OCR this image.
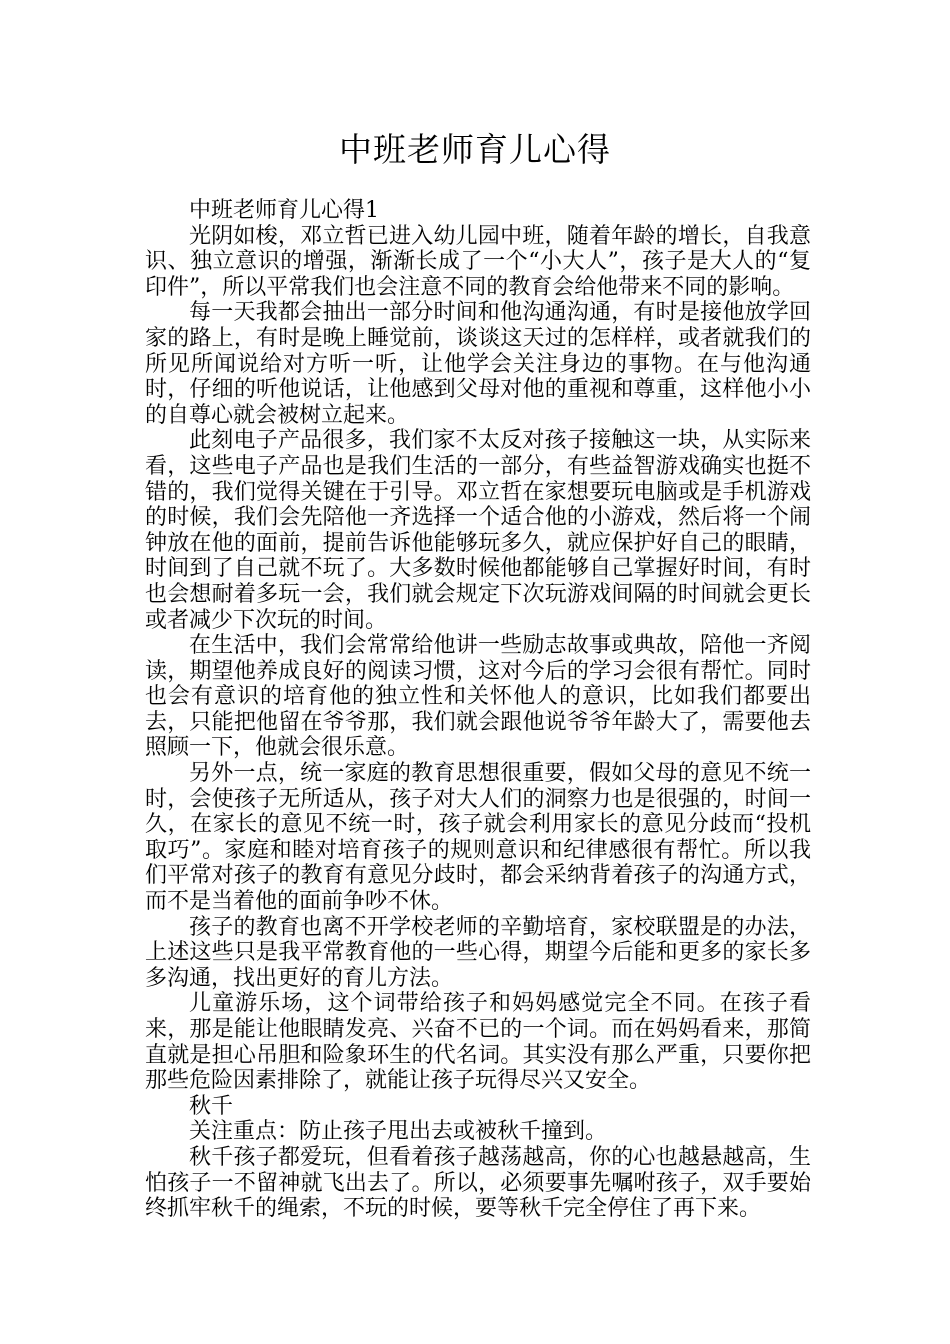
中班老师育儿心得

中班老师育儿心得1

光阴如梭，邓立哲已进入幼儿园中班，随着年龄的增长，自我意识、独立意识的增强，渐渐长成了一个“小大人”，孩子是大人的“复印件”，所以平常我们也会注意不同的教育会给他带来不同的影响。

每一天我都会抽出一部分时间和他沟通沟通，有时是接他放学回家的路上，有时是晚上睡觉前，谈谈这天过的怎样样，或者就我们的所见所闻说给对方听一听，让他学会关注身边的事物。在与他沟通时，仔细的听他说话，让他感到父母对他的重视和尊重，这样他小小的自尊心就会被树立起来。

此刻电子产品很多，我们家不太反对孩子接触这一块，从实际来看，这些电子产品也是我们生活的一部分，有些益智游戏确实也挺不错的，我们觉得关键在于引导。邓立哲在家想要玩电脑或是手机游戏的时候，我们会先陪他一齐选择一个适合他的小游戏，然后将一个闹钟放在他的面前，提前告诉他能够玩多久，就应保护好自己的眼睛，时间到了自己就不玩了。大多数时候他都能够自己掌握好时间，有时也会想耐着多玩一会，我们就会规定下次玩游戏间隔的时间就会更长或者减少下次玩的时间。

在生活中，我们会常常给他讲一些励志故事或典故，陪他一齐阅读，期望他养成良好的阅读习惯，这对今后的学习会很有帮忙。同时也会有意识的培育他的独立性和关怀他人的意识，比如我们都要出去，只能把他留在爷爷那，我们就会跟他说爷爷年龄大了，需要他去照顾一下，他就会很乐意。

另外一点，统一家庭的教育思想很重要，假如父母的意见不统一时，会使孩子无所适从，孩子对大人们的洞察力也是很强的，时间一久，在家长的意见不统一时，孩子就会利用家长的意见分歧而“投机取巧”。家庭和睦对培育孩子的规则意识和纪律感很有帮忙。所以我们平常对孩子的教育有意见分歧时，都会采纳背着孩子的沟通方式，而不是当着他的面前争吵不休。

孩子的教育也离不开学校老师的辛勤培育，家校联盟是的办法，上述这些只是我平常教育他的一些心得，期望今后能和更多的家长多多沟通，找出更好的育儿方法。

儿童游乐场，这个词带给孩子和妈妈感觉完全不同。在孩子看来，那是能让他眼睛发亮、兴奋不已的一个词。而在妈妈看来，那简直就是担心吊胆和险象环生的代名词。其实没有那么严重，只要你把那些危险因素排除了，就能让孩子玩得尽兴又安全。

秋千

关注重点：防止孩子甩出去或被秋千撞到。

秋千孩子都爱玩，但看着孩子越荡越高，你的心也越悬越高，生怕孩子一不留神就飞出去了。所以，必须要事先嘱咐孩子，双手要始终抓牢秋千的绳索，不玩的时候，要等秋千完全停住了再下来。
